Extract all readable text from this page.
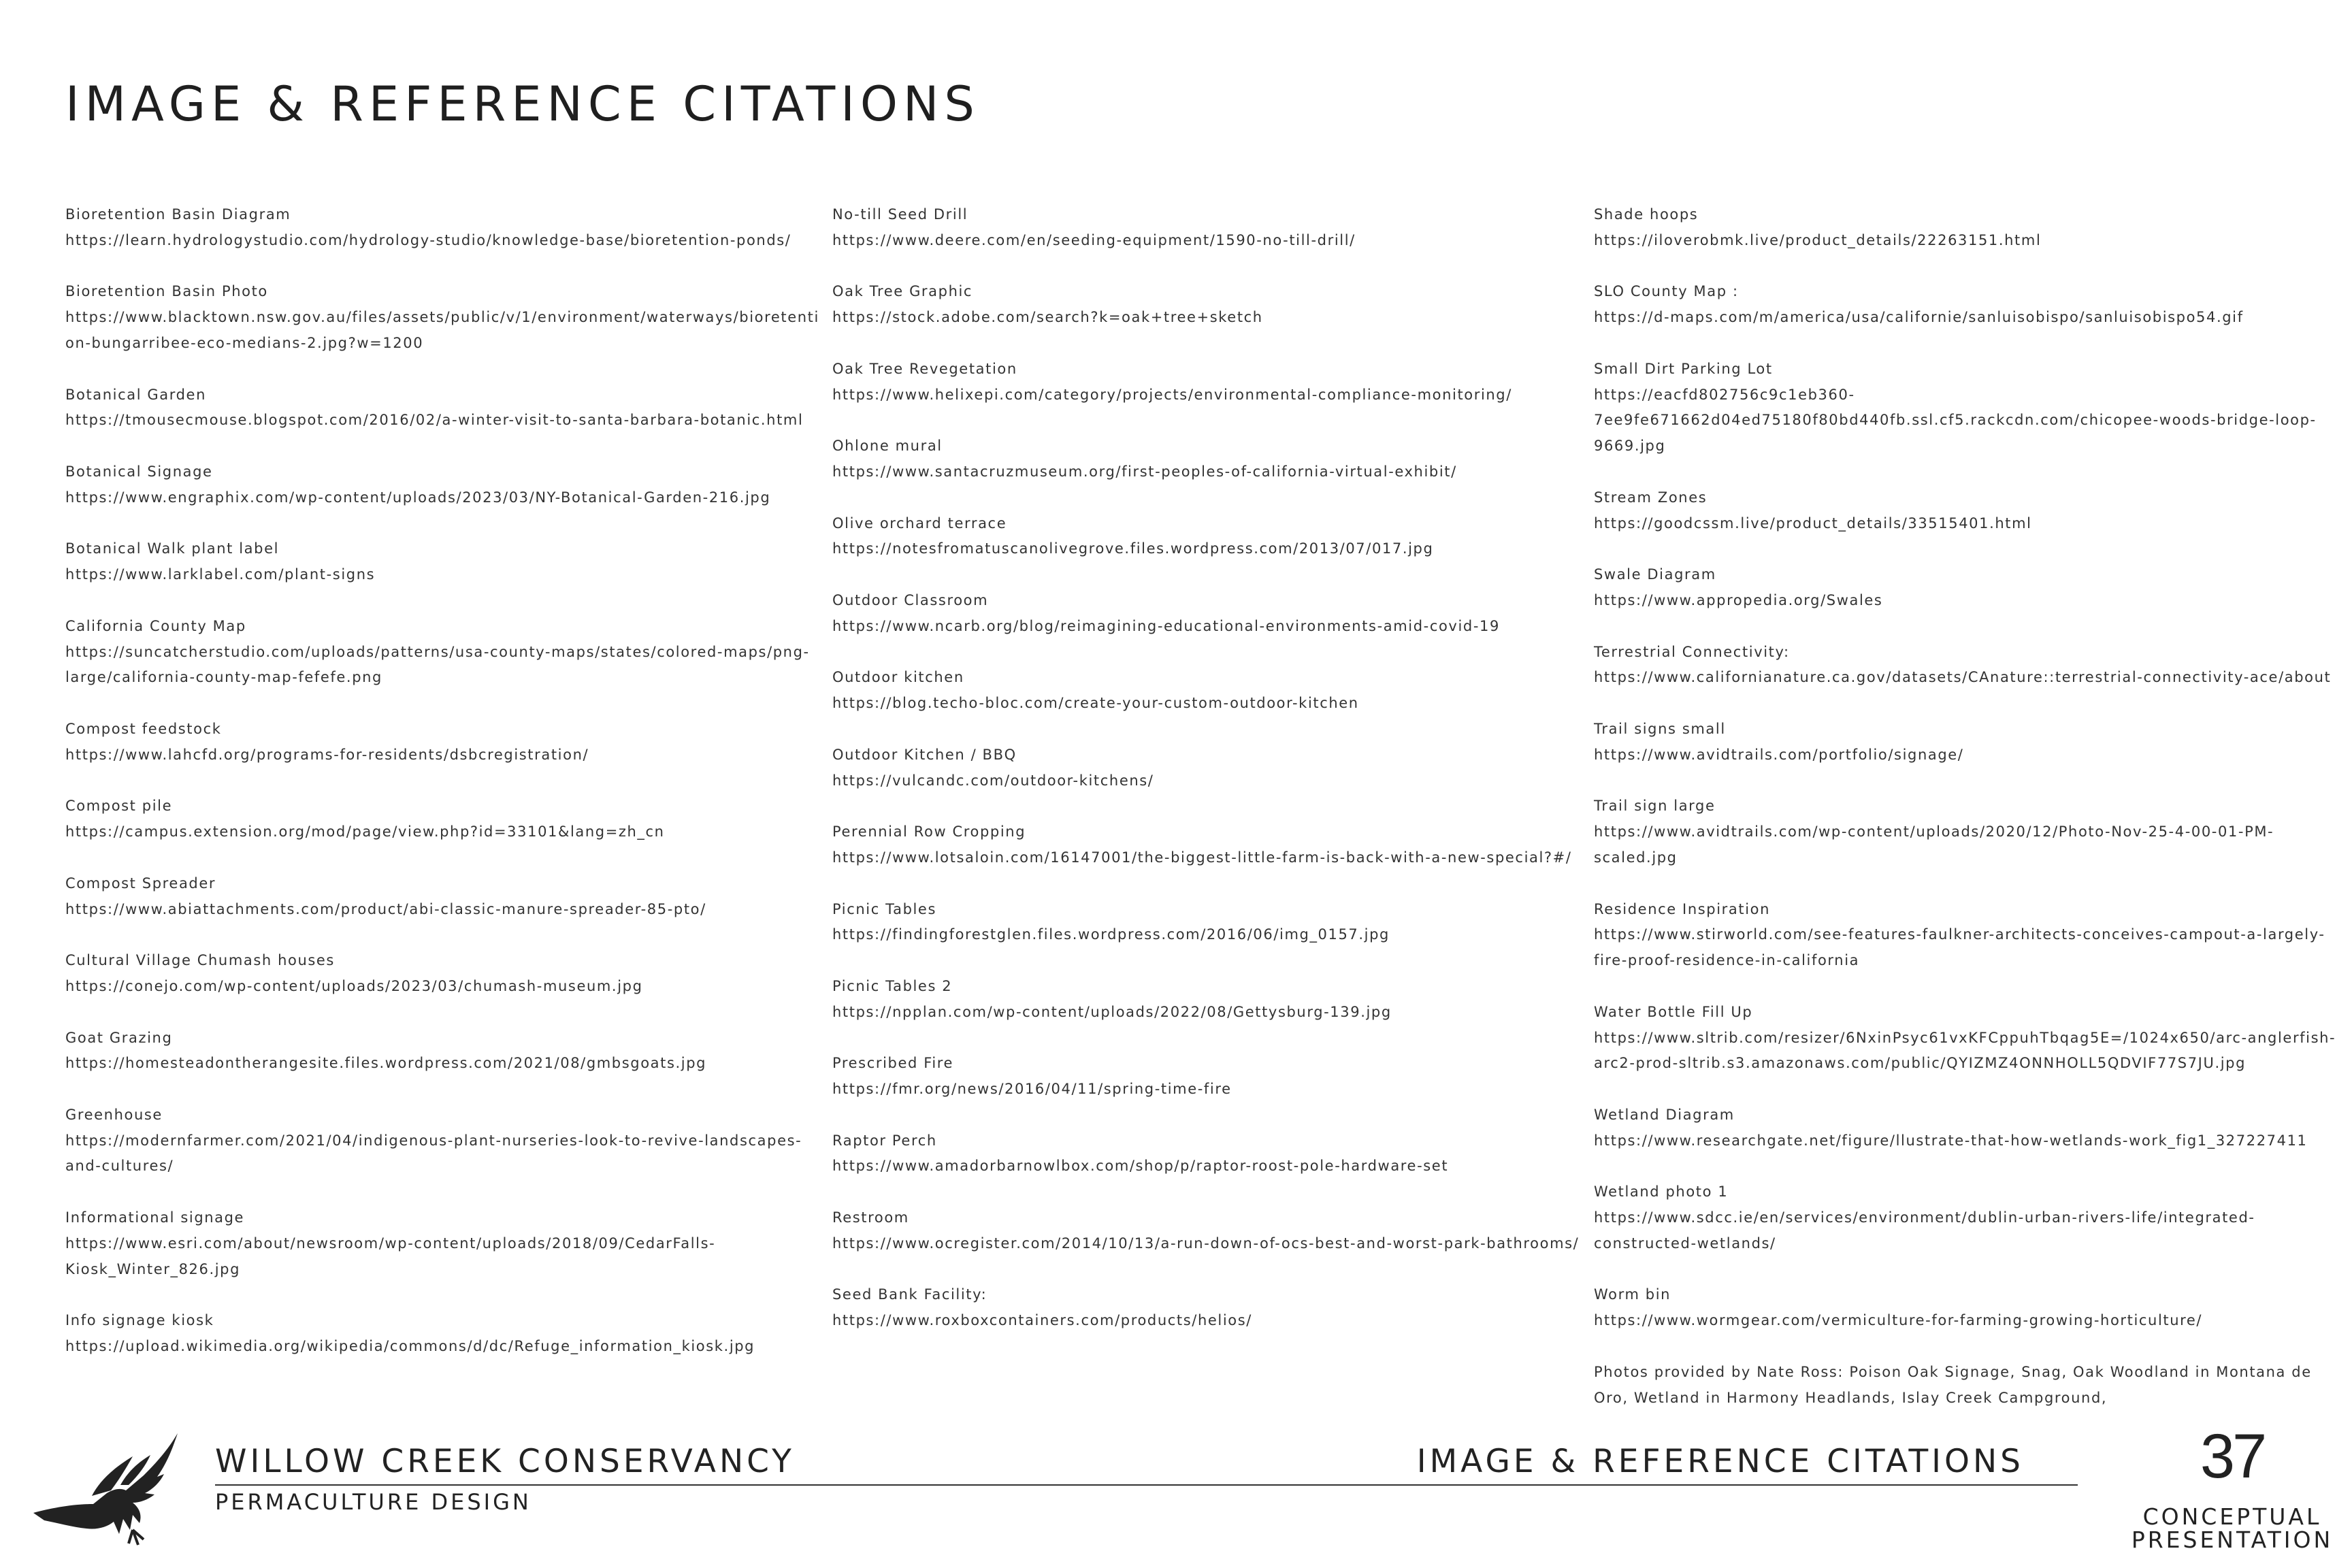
IMAGE & REFERENCE CITATIONS
Bioretention Basin Diagram
https://learn.hydrologystudio.com/hydrology-studio/knowledge-base/bioretention-ponds/
Bioretention Basin Photo
https://www.blacktown.nsw.gov.au/files/assets/public/v/1/environment/waterways/bioretention-bungarribee-eco-medians-2.jpg?w=1200
Botanical Garden
https://tmousecmouse.blogspot.com/2016/02/a-winter-visit-to-santa-barbara-botanic.html
Botanical Signage
https://www.engraphix.com/wp-content/uploads/2023/03/NY-Botanical-Garden-216.jpg
Botanical Walk plant label
https://www.larklabel.com/plant-signs
California County Map
https://suncatcherstudio.com/uploads/patterns/usa-county-maps/states/colored-maps/png-large/california-county-map-fefefe.png
Compost feedstock
https://www.lahcfd.org/programs-for-residents/dsbcregistration/
Compost pile
https://campus.extension.org/mod/page/view.php?id=33101&lang=zh_cn
Compost Spreader
https://www.abiattachments.com/product/abi-classic-manure-spreader-85-pto/
Cultural Village Chumash houses
https://conejo.com/wp-content/uploads/2023/03/chumash-museum.jpg
Goat Grazing
https://homesteadontherangesite.files.wordpress.com/2021/08/gmbsgoats.jpg
Greenhouse
https://modernfarmer.com/2021/04/indigenous-plant-nurseries-look-to-revive-landscapes-and-cultures/
Informational signage
https://www.esri.com/about/newsroom/wp-content/uploads/2018/09/CedarFalls-Kiosk_Winter_826.jpg
Info signage kiosk
https://upload.wikimedia.org/wikipedia/commons/d/dc/Refuge_information_kiosk.jpg
No-till Seed Drill
https://www.deere.com/en/seeding-equipment/1590-no-till-drill/
Oak Tree Graphic
https://stock.adobe.com/search?k=oak+tree+sketch
Oak Tree Revegetation
https://www.helixepi.com/category/projects/environmental-compliance-monitoring/
Ohlone mural
https://www.santacruzmuseum.org/first-peoples-of-california-virtual-exhibit/
Olive orchard terrace
https://notesfromatuscanolivegrove.files.wordpress.com/2013/07/017.jpg
Outdoor Classroom
https://www.ncarb.org/blog/reimagining-educational-environments-amid-covid-19
Outdoor kitchen
https://blog.techo-bloc.com/create-your-custom-outdoor-kitchen
Outdoor Kitchen / BBQ
https://vulcandc.com/outdoor-kitchens/
Perennial Row Cropping
https://www.lotsaloin.com/16147001/the-biggest-little-farm-is-back-with-a-new-special?#/
Picnic Tables
https://findingforestglen.files.wordpress.com/2016/06/img_0157.jpg
Picnic Tables 2
https://npplan.com/wp-content/uploads/2022/08/Gettysburg-139.jpg
Prescribed Fire
https://fmr.org/news/2016/04/11/spring-time-fire
Raptor Perch
https://www.amadorbarnowlbox.com/shop/p/raptor-roost-pole-hardware-set
Restroom
https://www.ocregister.com/2014/10/13/a-run-down-of-ocs-best-and-worst-park-bathrooms/
Seed Bank Facility:
https://www.roxboxcontainers.com/products/helios/
Shade hoops
https://iloverobmk.live/product_details/22263151.html
SLO County Map :
https://d-maps.com/m/america/usa/californie/sanluisobispo/sanluisobispo54.gif
Small Dirt Parking Lot
https://eacfd802756c9c1eb360-7ee9fe671662d04ed75180f80bd440fb.ssl.cf5.rackcdn.com/chicopee-woods-bridge-loop-9669.jpg
Stream Zones
https://goodcssm.live/product_details/33515401.html
Swale Diagram
https://www.appropedia.org/Swales
Terrestrial Connectivity:
https://www.californianature.ca.gov/datasets/CAnature::terrestrial-connectivity-ace/about
Trail signs small
https://www.avidtrails.com/portfolio/signage/
Trail sign large
https://www.avidtrails.com/wp-content/uploads/2020/12/Photo-Nov-25-4-00-01-PM-scaled.jpg
Residence Inspiration
https://www.stirworld.com/see-features-faulkner-architects-conceives-campout-a-largely-fire-proof-residence-in-california
Water Bottle Fill Up
https://www.sltrib.com/resizer/6NxinPsyc61vxKFCppuhTbqag5E=/1024x650/arc-anglerfish-arc2-prod-sltrib.s3.amazonaws.com/public/QYIZMZ4ONNHOLL5QDVIF77S7JU.jpg
Wetland Diagram
https://www.researchgate.net/figure/llustrate-that-how-wetlands-work_fig1_327227411
Wetland photo 1
https://www.sdcc.ie/en/services/environment/dublin-urban-rivers-life/integrated-constructed-wetlands/
Worm bin
https://www.wormgear.com/vermiculture-for-farming-growing-horticulture/
Photos provided by Nate Ross: Poison Oak Signage, Snag, Oak Woodland in Montana de Oro, Wetland in Harmony Headlands, Islay Creek Campground,
WILLOW CREEK CONSERVANCY
PERMACULTURE DESIGN
IMAGE & REFERENCE CITATIONS	37
CONCEPTUAL
PRESENTATION
